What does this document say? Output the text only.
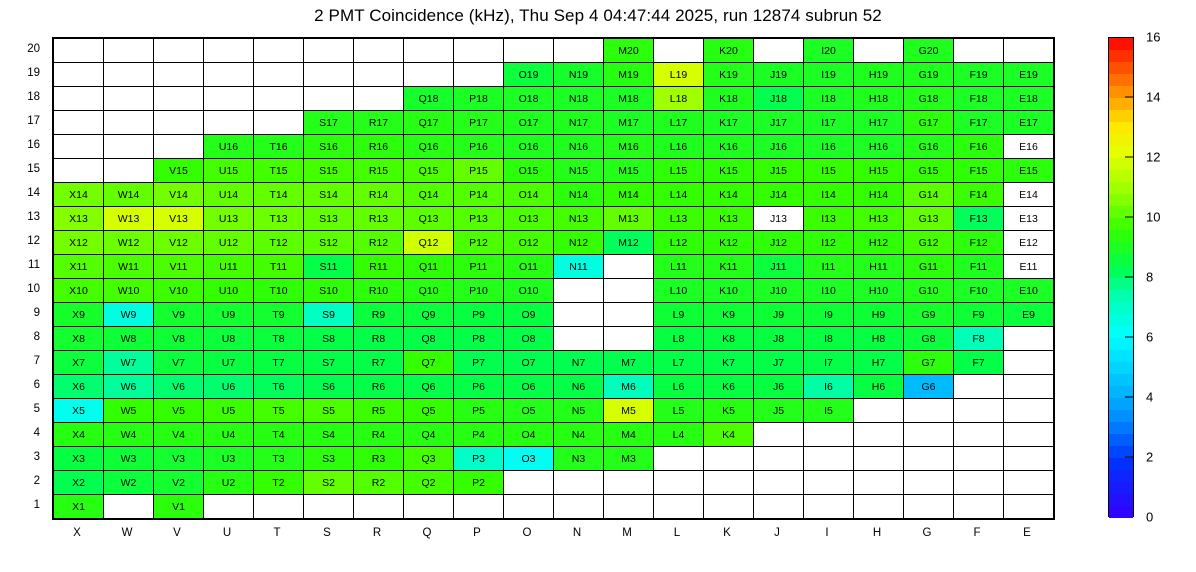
2 PMT Coincidence (kHz), Thu Sep 4 04:47:44 2025, run 12874 subrun 52
20
19
18
17
16
15
14
13
12
11
10
9
8
7
6
5
4
3
2
1
											M20		K20		I20		G20		
									O19	N19	M19	L19	K19	J19	I19	H19	G19	F19	E19
							Q18	P18	O18	N18	M18	L18	K18	J18	I18	H18	G18	F18	E18
					S17	R17	Q17	P17	O17	N17	M17	L17	K17	J17	I17	H17	G17	F17	E17
			U16	T16	S16	R16	Q16	P16	O16	N16	M16	L16	K16	J16	I16	H16	G16	F16	E16
		V15	U15	T15	S15	R15	Q15	P15	O15	N15	M15	L15	K15	J15	I15	H15	G15	F15	E15
X14	W14	V14	U14	T14	S14	R14	Q14	P14	O14	N14	M14	L14	K14	J14	I14	H14	G14	F14	E14
X13	W13	V13	U13	T13	S13	R13	Q13	P13	O13	N13	M13	L13	K13	J13	I13	H13	G13	F13	E13
X12	W12	V12	U12	T12	S12	R12	Q12	P12	O12	N12	M12	L12	K12	J12	I12	H12	G12	F12	E12
X11	W11	V11	U11	T11	S11	R11	Q11	P11	O11	N11		L11	K11	J11	I11	H11	G11	F11	E11
X10	W10	V10	U10	T10	S10	R10	Q10	P10	O10			L10	K10	J10	I10	H10	G10	F10	E10
X9	W9	V9	U9	T9	S9	R9	Q9	P9	O9			L9	K9	J9	I9	H9	G9	F9	E9
X8	W8	V8	U8	T8	S8	R8	Q8	P8	O8			L8	K8	J8	I8	H8	G8	F8	
X7	W7	V7	U7	T7	S7	R7	Q7	P7	O7	N7	M7	L7	K7	J7	I7	H7	G7	F7	
X6	W6	V6	U6	T6	S6	R6	Q6	P6	O6	N6	M6	L6	K6	J6	I6	H6	G6		
X5	W5	V5	U5	T5	S5	R5	Q5	P5	O5	N5	M5	L5	K5	J5	I5				
X4	W4	V4	U4	T4	S4	R4	Q4	P4	O4	N4	M4	L4	K4						
X3	W3	V3	U3	T3	S3	R3	Q3	P3	O3	N3	M3								
X2	W2	V2	U2	T2	S2	R2	Q2	P2											
X1		V1																	
X	W	V	U	T	S	R	Q	P	O	N	M	L	K	J	I	H	G	F	E
0
2
4
6
8
10
12
14
16
